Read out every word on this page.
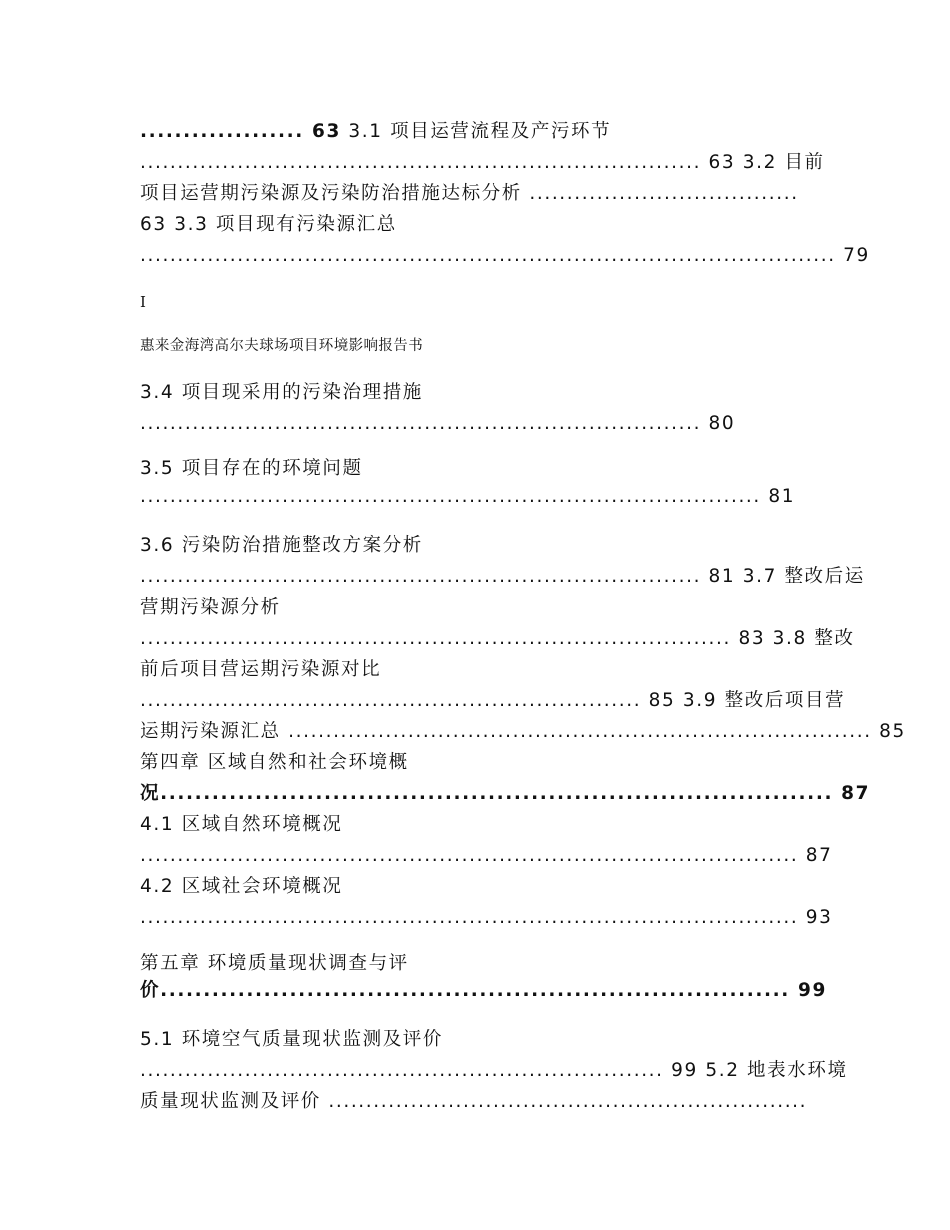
................... 63 3.1 项目运营流程及产污环节
........................................................................... 63 3.2 目前
项目运营期污染源及污染防治措施达标分析 ....................................
63 3.3 项目现有污染源汇总
............................................................................................. 79
I
惠来金海湾高尔夫球场项目环境影响报告书
3.4 项目现采用的污染治理措施
........................................................................... 80
3.5 项目存在的环境问题
................................................................................... 81
3.6 污染防治措施整改方案分析
........................................................................... 81 3.7 整改后运
营期污染源分析
............................................................................... 83 3.8 整改
前后项目营运期污染源对比
................................................................... 85 3.9 整改后项目营
运期污染源汇总 .............................................................................. 85
第四章 区域自然和社会环境概
况.............................................................................. 87
4.1 区域自然环境概况
........................................................................................ 87
4.2 区域社会环境概况
........................................................................................ 93
第五章 环境质量现状调查与评
价......................................................................... 99
5.1 环境空气质量现状监测及评价
...................................................................... 99 5.2 地表水环境
质量现状监测及评价 ................................................................
